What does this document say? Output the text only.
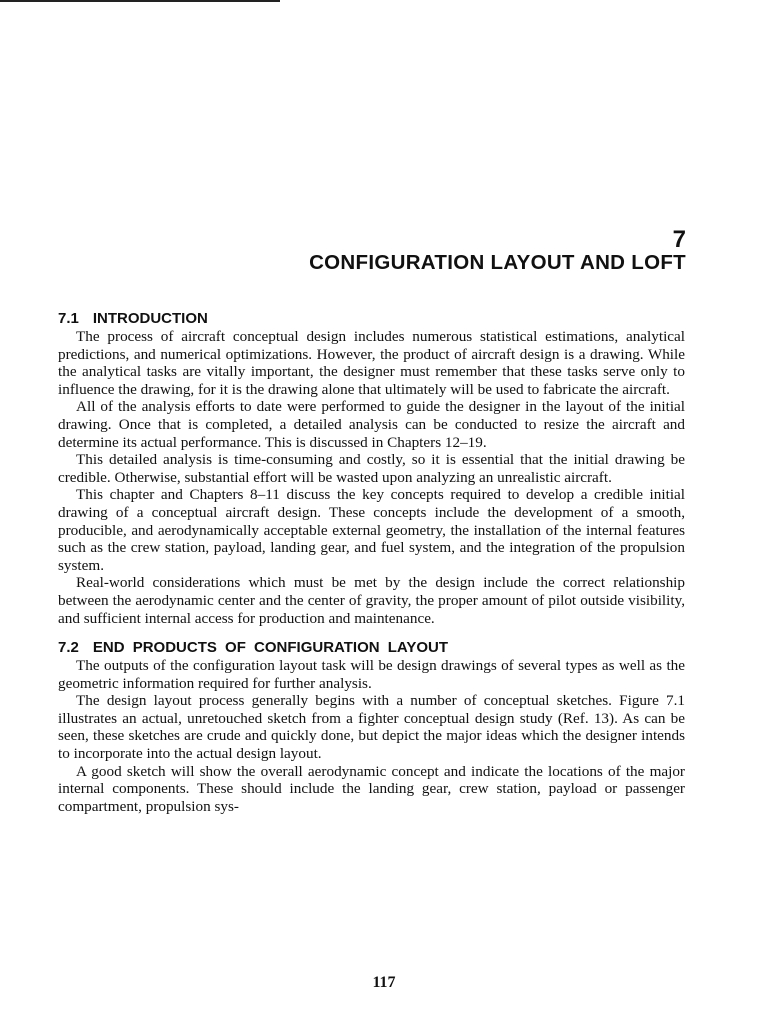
7
CONFIGURATION LAYOUT AND LOFT
7.1 INTRODUCTION

The process of aircraft conceptual design includes numerous statistical estimations, analytical predictions, and numerical optimizations. However, the product of aircraft design is a drawing. While the analytical tasks are vitally important, the designer must remember that these tasks serve only to influence the drawing, for it is the drawing alone that ultimately will be used to fabricate the aircraft.

All of the analysis efforts to date were performed to guide the designer in the layout of the initial drawing. Once that is completed, a detailed analysis can be conducted to resize the aircraft and determine its actual performance. This is discussed in Chapters 12–19.

This detailed analysis is time-consuming and costly, so it is essential that the initial drawing be credible. Otherwise, substantial effort will be wasted upon analyzing an unrealistic aircraft.

This chapter and Chapters 8–11 discuss the key concepts required to develop a credible initial drawing of a conceptual aircraft design. These concepts include the development of a smooth, producible, and aerodynamically acceptable external geometry, the installation of the internal features such as the crew station, payload, landing gear, and fuel system, and the integration of the propulsion system.

Real-world considerations which must be met by the design include the correct relationship between the aerodynamic center and the center of gravity, the proper amount of pilot outside visibility, and sufficient internal access for production and maintenance.

7.2 END PRODUCTS OF CONFIGURATION LAYOUT

The outputs of the configuration layout task will be design drawings of several types as well as the geometric information required for further analysis.

The design layout process generally begins with a number of conceptual sketches. Figure 7.1 illustrates an actual, unretouched sketch from a fighter conceptual design study (Ref. 13). As can be seen, these sketches are crude and quickly done, but depict the major ideas which the designer intends to incorporate into the actual design layout.

A good sketch will show the overall aerodynamic concept and indicate the locations of the major internal components. These should include the landing gear, crew station, payload or passenger compartment, propulsion sys-

117
